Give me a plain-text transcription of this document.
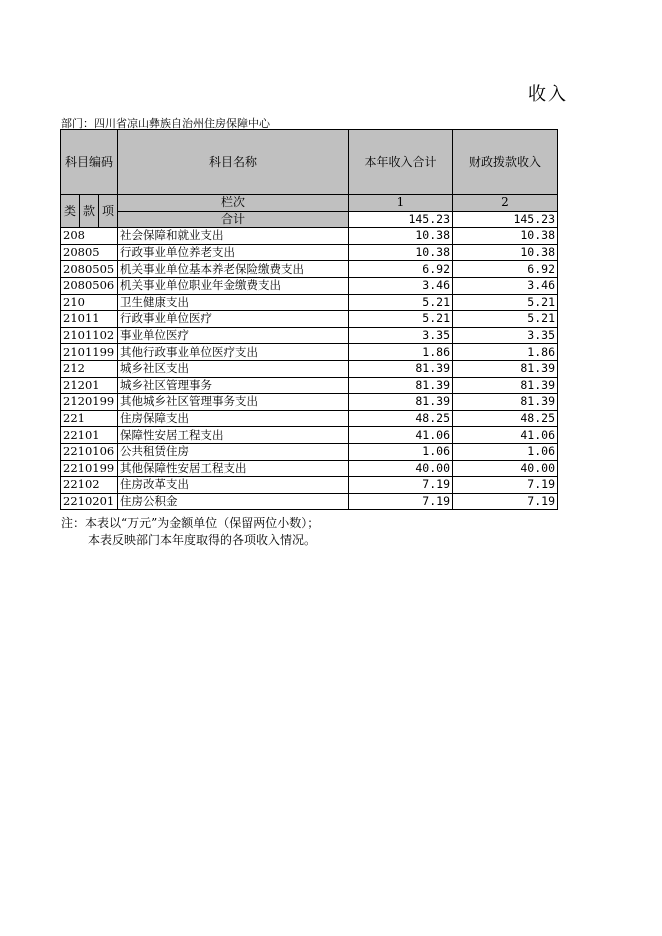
收入
部门：四川省凉山彝族自治州住房保障中心
科目编码			科目名称	本年收入合计	财政拨款收入
类	款	项	栏次	1	2
			合计	145.23	145.23
208			社会保障和就业支出	10.38	10.38
20805			行政事业单位养老支出	10.38	10.38
2080505			机关事业单位基本养老保险缴费支出	6.92	6.92
2080506			机关事业单位职业年金缴费支出	3.46	3.46
210			卫生健康支出	5.21	5.21
21011			行政事业单位医疗	5.21	5.21
2101102			事业单位医疗	3.35	3.35
2101199			其他行政事业单位医疗支出	1.86	1.86
212			城乡社区支出	81.39	81.39
21201			城乡社区管理事务	81.39	81.39
2120199			其他城乡社区管理事务支出	81.39	81.39
221			住房保障支出	48.25	48.25
22101			保障性安居工程支出	41.06	41.06
2210106			公共租赁住房	1.06	1.06
2210199			其他保障性安居工程支出	40.00	40.00
22102			住房改革支出	7.19	7.19
2210201			住房公积金	7.19	7.19
注：本表以“万元”为金额单位（保留两位小数）；
本表反映部门本年度取得的各项收入情况。
